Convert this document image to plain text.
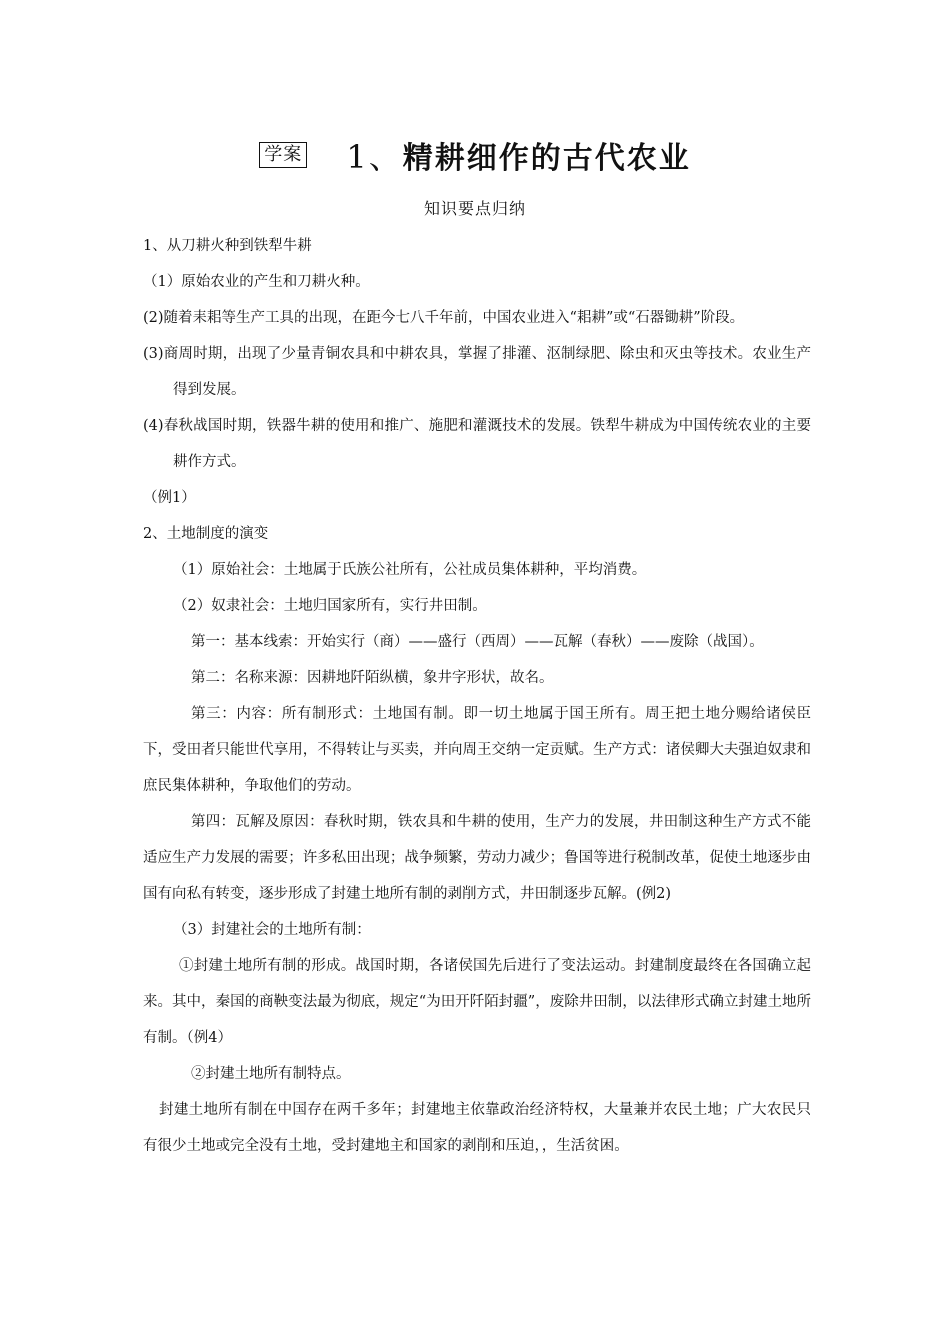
学案 1、精耕细作的古代农业
知识要点归纳

1、从刀耕火种到铁犁牛耕

（1）原始农业的产生和刀耕火种。

(2)随着耒耜等生产工具的出现，在距今七八千年前，中国农业进入“耜耕”或“石器锄耕”阶段。

(3)商周时期，出现了少量青铜农具和中耕农具，掌握了排灌、沤制绿肥、除虫和灭虫等技术。农业生产得到发展。

(4)春秋战国时期，铁器牛耕的使用和推广、施肥和灌溉技术的发展。铁犁牛耕成为中国传统农业的主要耕作方式。

（例1）

2、土地制度的演变

（1）原始社会：土地属于氏族公社所有，公社成员集体耕种，平均消费。

（2）奴隶社会：土地归国家所有，实行井田制。

第一：基本线索：开始实行（商）——盛行（西周）——瓦解（春秋）——废除（战国）。

第二：名称来源：因耕地阡陌纵横，象井字形状，故名。

第三：内容：所有制形式：土地国有制。即一切土地属于国王所有。周王把土地分赐给诸侯臣下，受田者只能世代享用，不得转让与买卖，并向周王交纳一定贡赋。生产方式：诸侯卿大夫强迫奴隶和庶民集体耕种，争取他们的劳动。

第四：瓦解及原因：春秋时期，铁农具和牛耕的使用，生产力的发展，井田制这种生产方式不能适应生产力发展的需要；许多私田出现；战争频繁，劳动力减少；鲁国等进行税制改革，促使土地逐步由国有向私有转变，逐步形成了封建土地所有制的剥削方式，井田制逐步瓦解。(例2)

（3）封建社会的土地所有制：

①封建土地所有制的形成。战国时期，各诸侯国先后进行了变法运动。封建制度最终在各国确立起来。其中，秦国的商鞅变法最为彻底，规定“为田开阡陌封疆”，废除井田制，以法律形式确立封建土地所有制。（例4）

②封建土地所有制特点。

封建土地所有制在中国存在两千多年；封建地主依靠政治经济特权，大量兼并农民土地；广大农民只有很少土地或完全没有土地，受封建地主和国家的剥削和压迫，，生活贫困。
